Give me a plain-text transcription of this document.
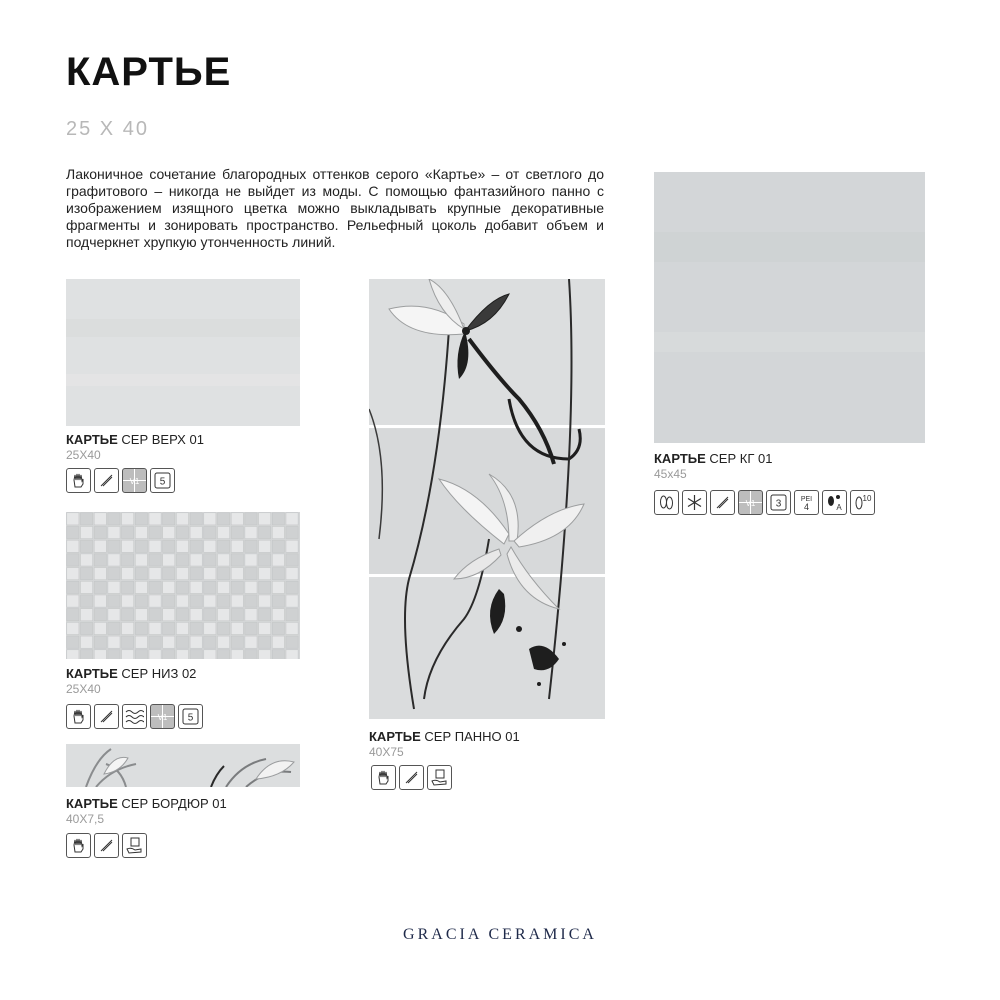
КАРТЬЕ
25 X 40
Лаконичное сочетание благородных оттенков серого «Картье» – от светлого до графитового – никогда не выйдет из моды. С помощью фантазийного панно с изображением изящного цветка можно выкладывать крупные декоративные фрагменты и зонировать пространство. Рельефный цоколь добавит объем и подчеркнет хрупкую утонченность линий.
КАРТЬЕ СЕР ВЕРХ 01
25X40
V1 5
КАРТЬЕ СЕР НИЗ 02
25X40
V1 5
КАРТЬЕ СЕР БОРДЮР 01
40X7,5
КАРТЬЕ СЕР ПАННО 01
40X75
КАРТЬЕ СЕР КГ 01
45x45
V1 3	PEI
4	A
10
GRACIA CERAMICA
